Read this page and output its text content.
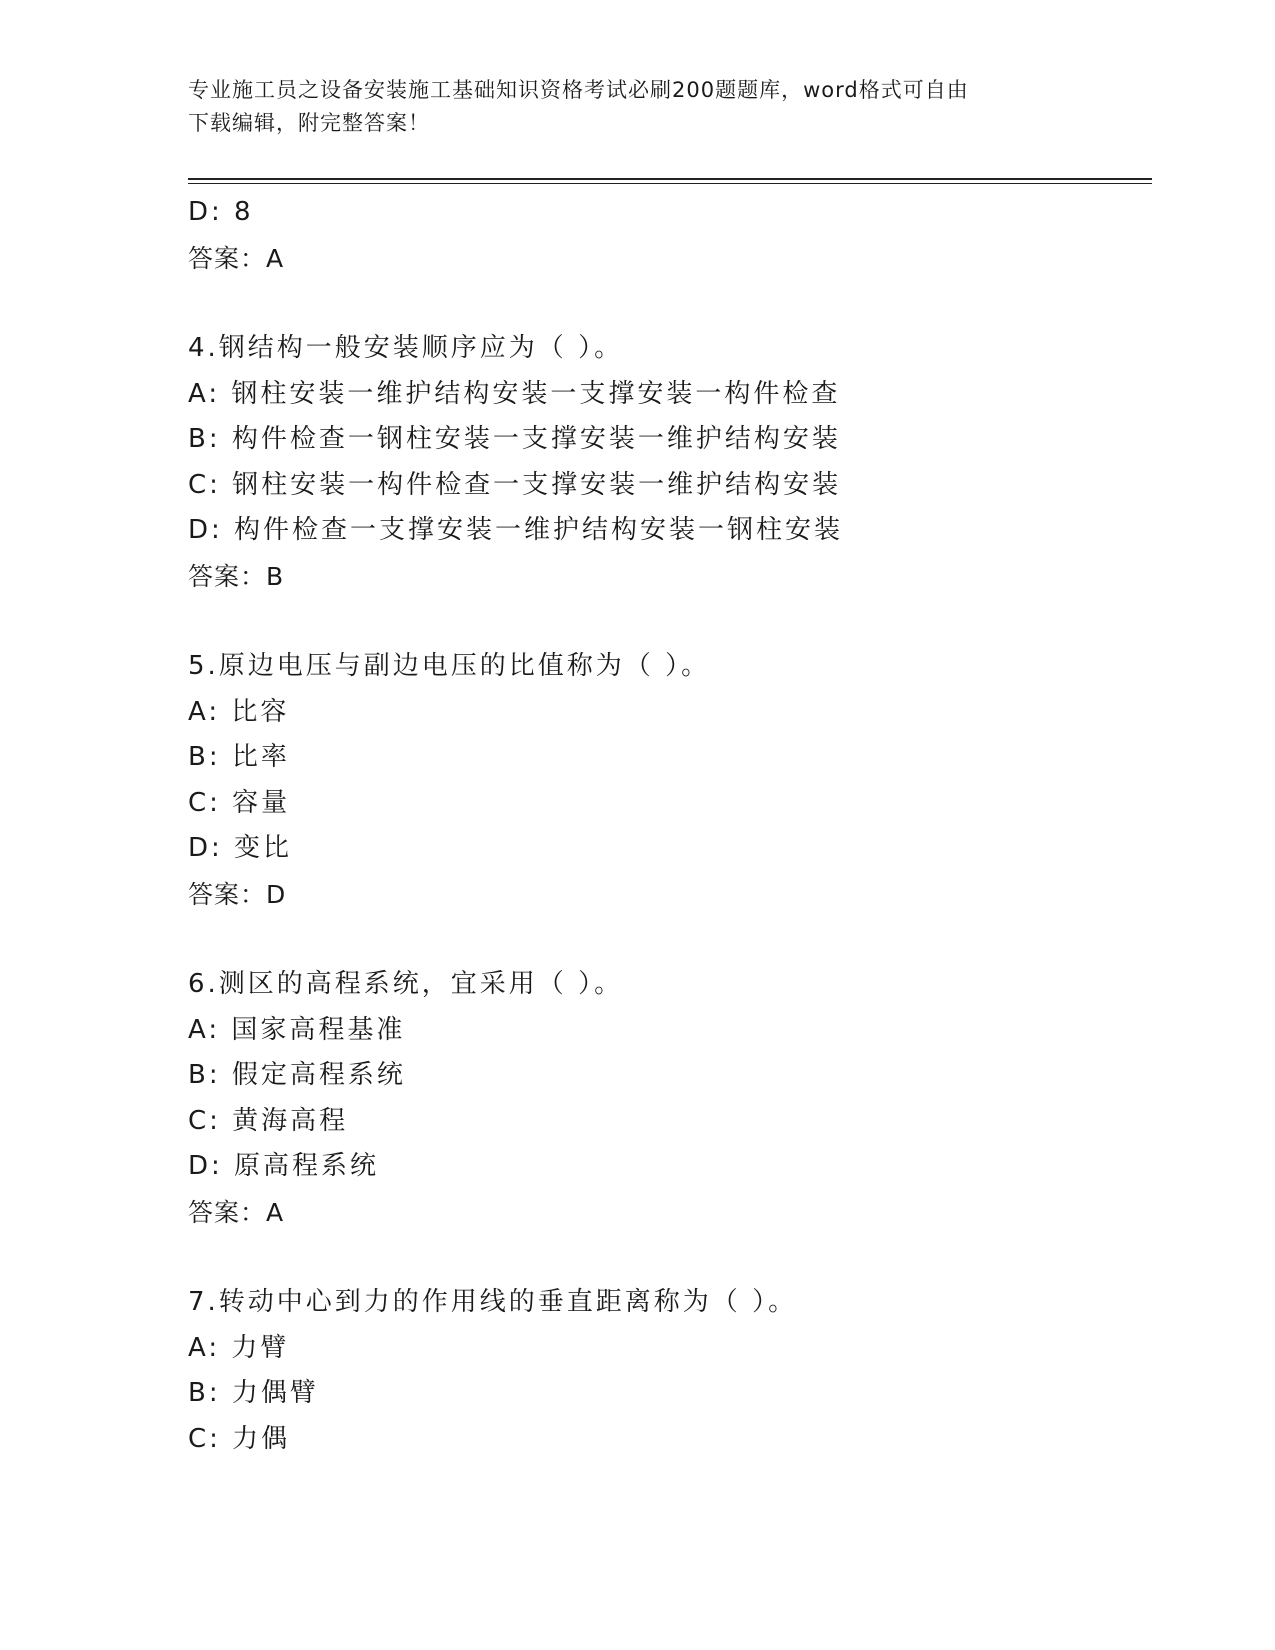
专业施工员之设备安装施工基础知识资格考试必刷200题题库，word格式可自由
下载编辑，附完整答案！
D: 8
答案：A
4.钢结构一般安装顺序应为（ ）。
A: 钢柱安装一维护结构安装一支撑安装一构件检查
B: 构件检查一钢柱安装一支撑安装一维护结构安装
C: 钢柱安装一构件检查一支撑安装一维护结构安装
D: 构件检查一支撑安装一维护结构安装一钢柱安装
答案：B
5.原边电压与副边电压的比值称为（ ）。
A: 比容
B: 比率
C: 容量
D: 变比
答案：D
6.测区的高程系统，宜采用（ ）。
A: 国家高程基准
B: 假定高程系统
C: 黄海高程
D: 原高程系统
答案：A
7.转动中心到力的作用线的垂直距离称为（ ）。
A: 力臂
B: 力偶臂
C: 力偶
